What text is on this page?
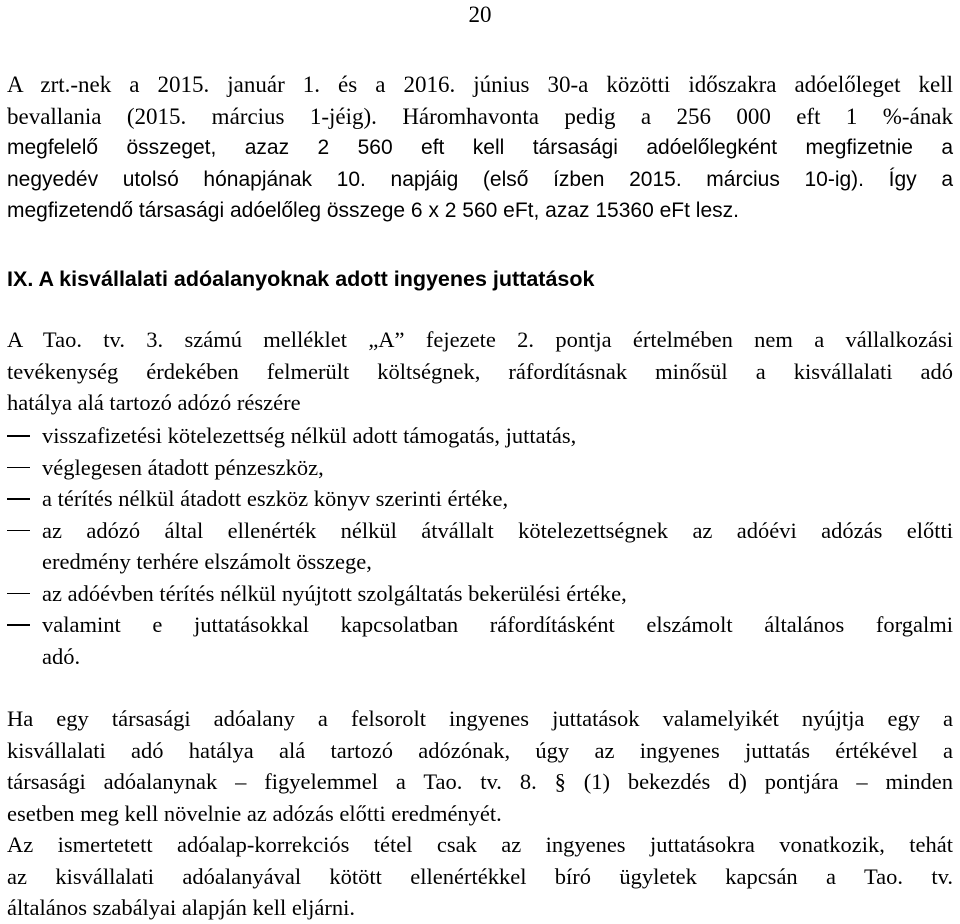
20
A zrt.-nek a 2015. január 1. és a 2016. június 30-a közötti időszakra adóelőleget kell
bevallania (2015. március 1-jéig). Háromhavonta pedig a 256 000 eft 1 %-ának
megfelelő összeget, azaz 2 560 eft kell társasági adóelőlegként megfizetnie a
negyedév utolsó hónapjának 10. napjáig (első ízben 2015. március 10-ig). Így a
megfizetendő társasági adóelőleg összege 6 x 2 560 eFt, azaz 15360 eFt lesz.
IX. A kisvállalati adóalanyoknak adott ingyenes juttatások
A Tao. tv. 3. számú melléklet „A” fejezete 2. pontja értelmében nem a vállalkozási
tevékenység érdekében felmerült költségnek, ráfordításnak minősül a kisvállalati adó
hatálya alá tartozó adózó részére
visszafizetési kötelezettség nélkül adott támogatás, juttatás,
véglegesen átadott pénzeszköz,
a térítés nélkül átadott eszköz könyv szerinti értéke,
az adózó által ellenérték nélkül átvállalt kötelezettségnek az adóévi adózás előtti
eredmény terhére elszámolt összege,
az adóévben térítés nélkül nyújtott szolgáltatás bekerülési értéke,
valamint e juttatásokkal kapcsolatban ráfordításként elszámolt általános forgalmi
adó.
Ha egy társasági adóalany a felsorolt ingyenes juttatások valamelyikét nyújtja egy a
kisvállalati adó hatálya alá tartozó adózónak, úgy az ingyenes juttatás értékével a
társasági adóalanynak – figyelemmel a Tao. tv. 8. § (1) bekezdés d) pontjára – minden
esetben meg kell növelnie az adózás előtti eredményét.
Az ismertetett adóalap-korrekciós tétel csak az ingyenes juttatásokra vonatkozik, tehát
az kisvállalati adóalanyával kötött ellenértékkel bíró ügyletek kapcsán a Tao. tv.
általános szabályai alapján kell eljárni.
